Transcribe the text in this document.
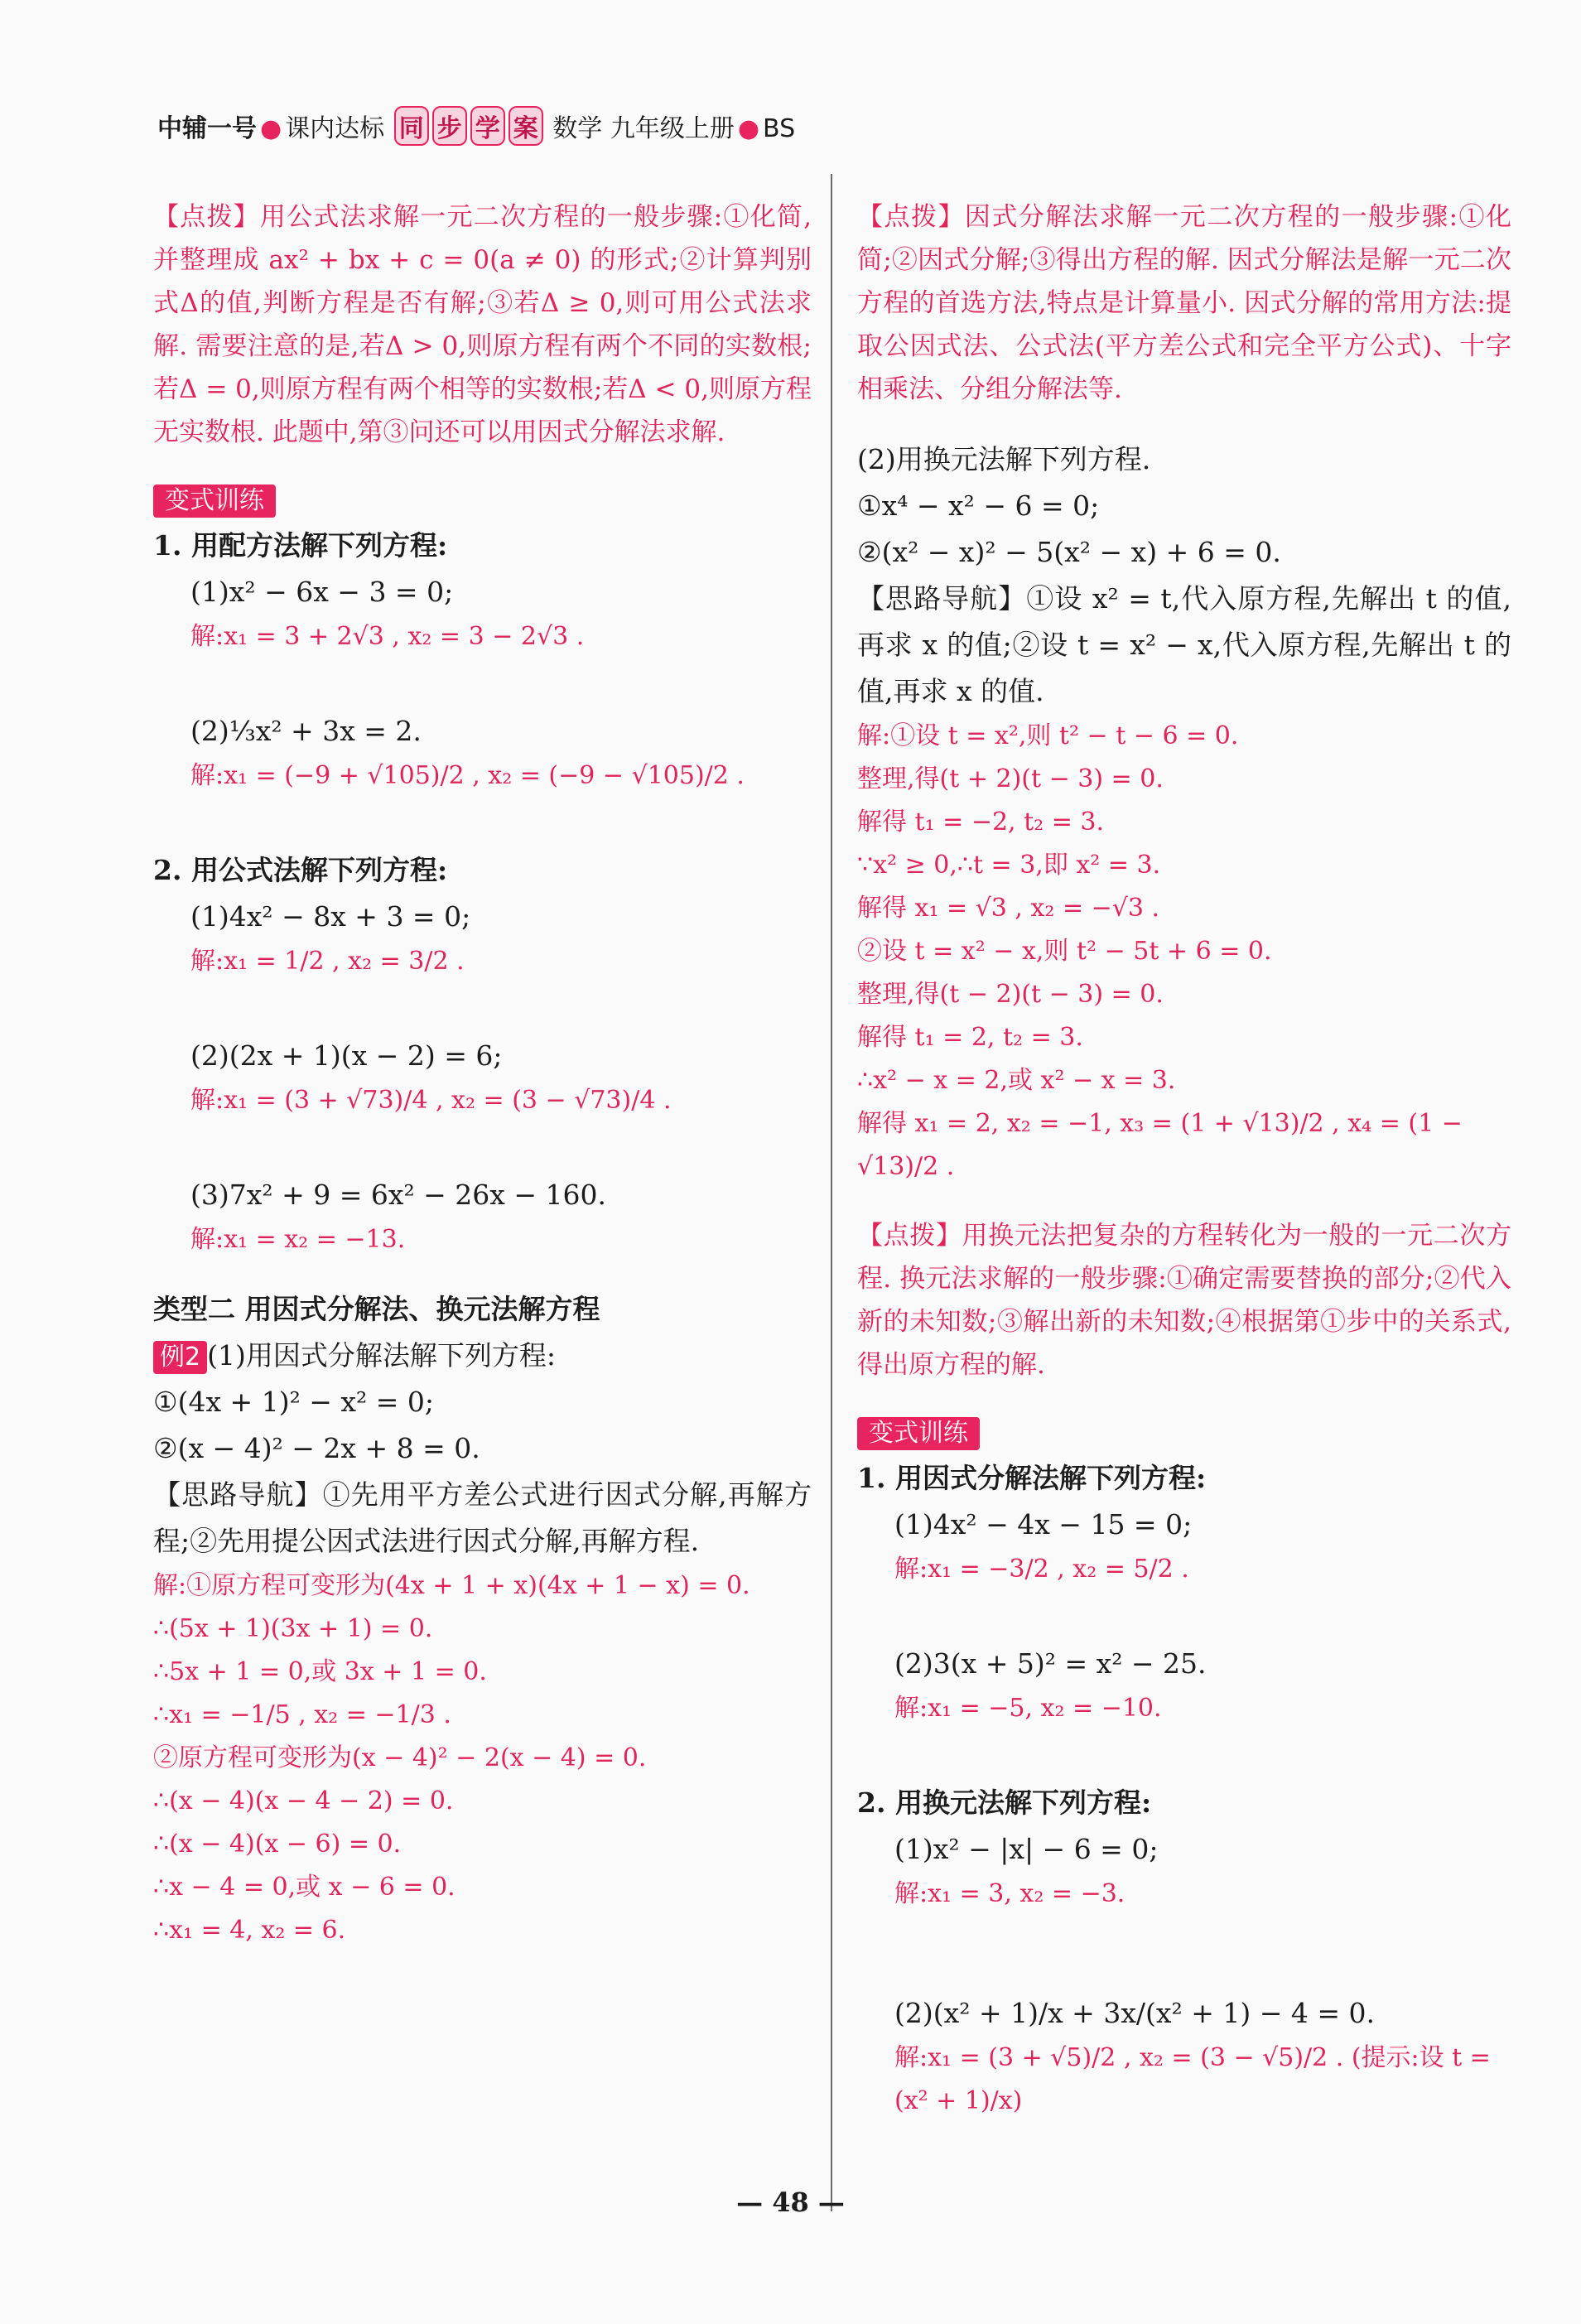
中辅一号 ● 课内达标 同 步 学 案 数学 九年级上册 ● BS

【点拨】用公式法求解一元二次方程的一般步骤:①化简,并整理成 ax² + bx + c = 0(a ≠ 0) 的形式;②计算判别式Δ的值,判断方程是否有解;③若Δ ≥ 0,则可用公式法求解. 需要注意的是,若Δ > 0,则原方程有两个不同的实数根;若Δ = 0,则原方程有两个相等的实数根;若Δ < 0,则原方程无实数根. 此题中,第③问还可以用因式分解法求解.

变式训练
1. 用配方法解下列方程:
(1)x² − 6x − 3 = 0;
解:x₁ = 3 + 2√3 , x₂ = 3 − 2√3 .
(2)⅓x² + 3x = 2.
解:x₁ = (−9 + √105)/2 , x₂ = (−9 − √105)/2 .
2. 用公式法解下列方程:
(1)4x² − 8x + 3 = 0;
解:x₁ = 1/2 , x₂ = 3/2 .
(2)(2x + 1)(x − 2) = 6;
解:x₁ = (3 + √73)/4 , x₂ = (3 − √73)/4 .
(3)7x² + 9 = 6x² − 26x − 160.
解:x₁ = x₂ = −13.
类型二 用因式分解法、换元法解方程
例2 (1)用因式分解法解下列方程:
①(4x + 1)² − x² = 0;
②(x − 4)² − 2x + 8 = 0.
【思路导航】①先用平方差公式进行因式分解,再解方程;②先用提公因式法进行因式分解,再解方程.
解:①原方程可变形为(4x + 1 + x)(4x + 1 − x) = 0.
∴(5x + 1)(3x + 1) = 0.
∴5x + 1 = 0,或 3x + 1 = 0.
∴x₁ = −1/5 , x₂ = −1/3 .
②原方程可变形为(x − 4)² − 2(x − 4) = 0.
∴(x − 4)(x − 4 − 2) = 0.
∴(x − 4)(x − 6) = 0.
∴x − 4 = 0,或 x − 6 = 0.
∴x₁ = 4, x₂ = 6.

【点拨】因式分解法求解一元二次方程的一般步骤:①化简;②因式分解;③得出方程的解. 因式分解法是解一元二次方程的首选方法,特点是计算量小. 因式分解的常用方法:提取公因式法、公式法(平方差公式和完全平方公式)、十字相乘法、分组分解法等.

(2)用换元法解下列方程.
①x⁴ − x² − 6 = 0;
②(x² − x)² − 5(x² − x) + 6 = 0.
【思路导航】①设 x² = t,代入原方程,先解出 t 的值,再求 x 的值;②设 t = x² − x,代入原方程,先解出 t 的值,再求 x 的值.
解:①设 t = x²,则 t² − t − 6 = 0.
整理,得(t + 2)(t − 3) = 0.
解得 t₁ = −2, t₂ = 3.
∵x² ≥ 0,∴t = 3,即 x² = 3.
解得 x₁ = √3 , x₂ = −√3 .
②设 t = x² − x,则 t² − 5t + 6 = 0.
整理,得(t − 2)(t − 3) = 0.
解得 t₁ = 2, t₂ = 3.
∴x² − x = 2,或 x² − x = 3.
解得 x₁ = 2, x₂ = −1, x₃ = (1 + √13)/2 , x₄ = (1 − √13)/2 .

【点拨】用换元法把复杂的方程转化为一般的一元二次方程. 换元法求解的一般步骤:①确定需要替换的部分;②代入新的未知数;③解出新的未知数;④根据第①步中的关系式,得出原方程的解.

变式训练
1. 用因式分解法解下列方程:
(1)4x² − 4x − 15 = 0;
解:x₁ = −3/2 , x₂ = 5/2 .
(2)3(x + 5)² = x² − 25.
解:x₁ = −5, x₂ = −10.
2. 用换元法解下列方程:
(1)x² − |x| − 6 = 0;
解:x₁ = 3, x₂ = −3.
(2)(x² + 1)/x + 3x/(x² + 1) − 4 = 0.
解:x₁ = (3 + √5)/2 , x₂ = (3 − √5)/2 . (提示:设 t = (x² + 1)/x)
— 48 —
